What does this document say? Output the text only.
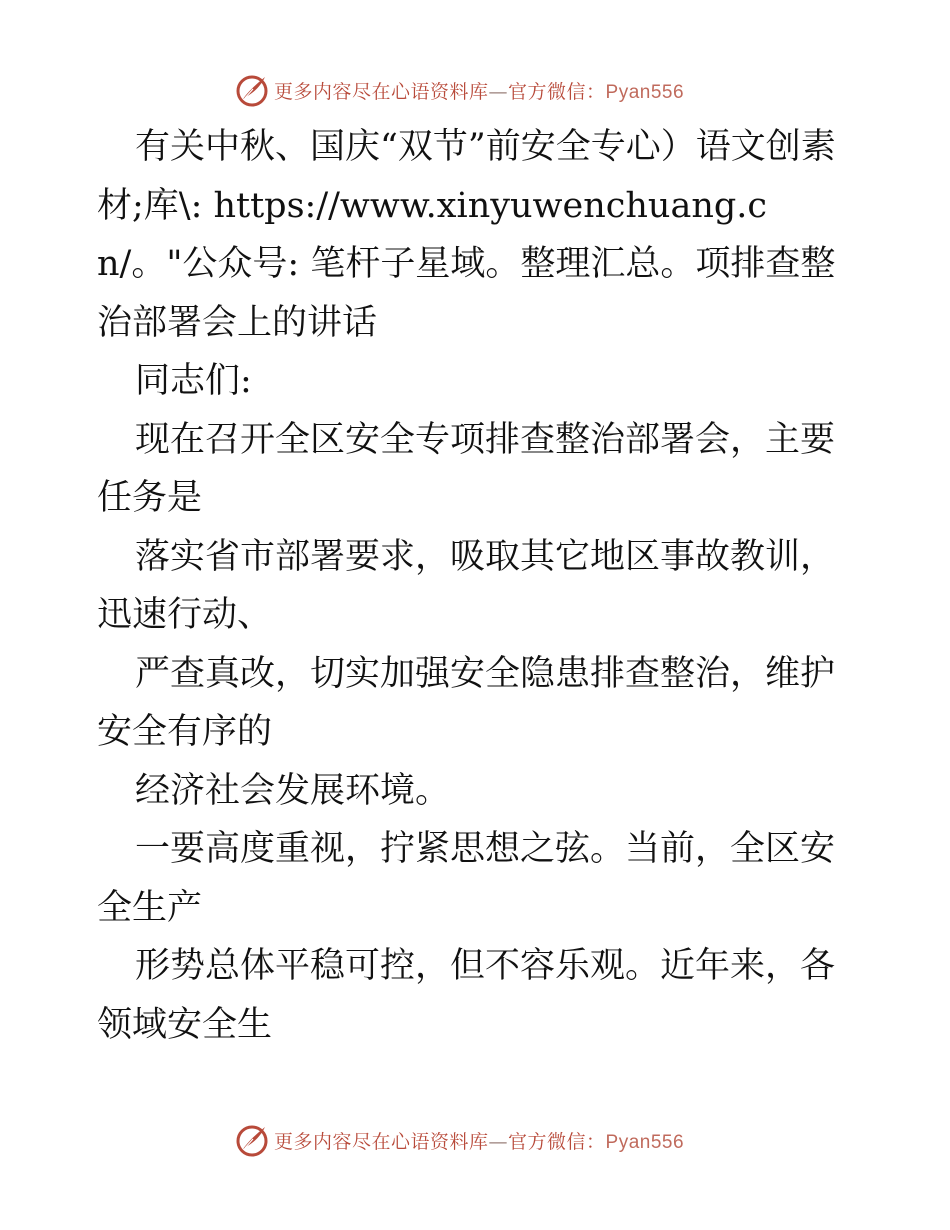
更多内容尽在心语资料库—官方微信：Pyan556

有关中秋、国庆“双节”前安全专心）语文创素材;库\: https://www.xinyuwenchuang.cn/。"公众号: 笔杆子星域。整理汇总。项排查整治部署会上的讲话

同志们:

现在召开全区安全专项排查整治部署会，主要任务是

落实省市部署要求，吸取其它地区事故教训，迅速行动、

严查真改，切实加强安全隐患排查整治，维护安全有序的

经济社会发展环境。

一要高度重视，拧紧思想之弦。当前，全区安全生产

形势总体平稳可控，但不容乐观。近年来，各领域安全生

更多内容尽在心语资料库—官方微信：Pyan556
